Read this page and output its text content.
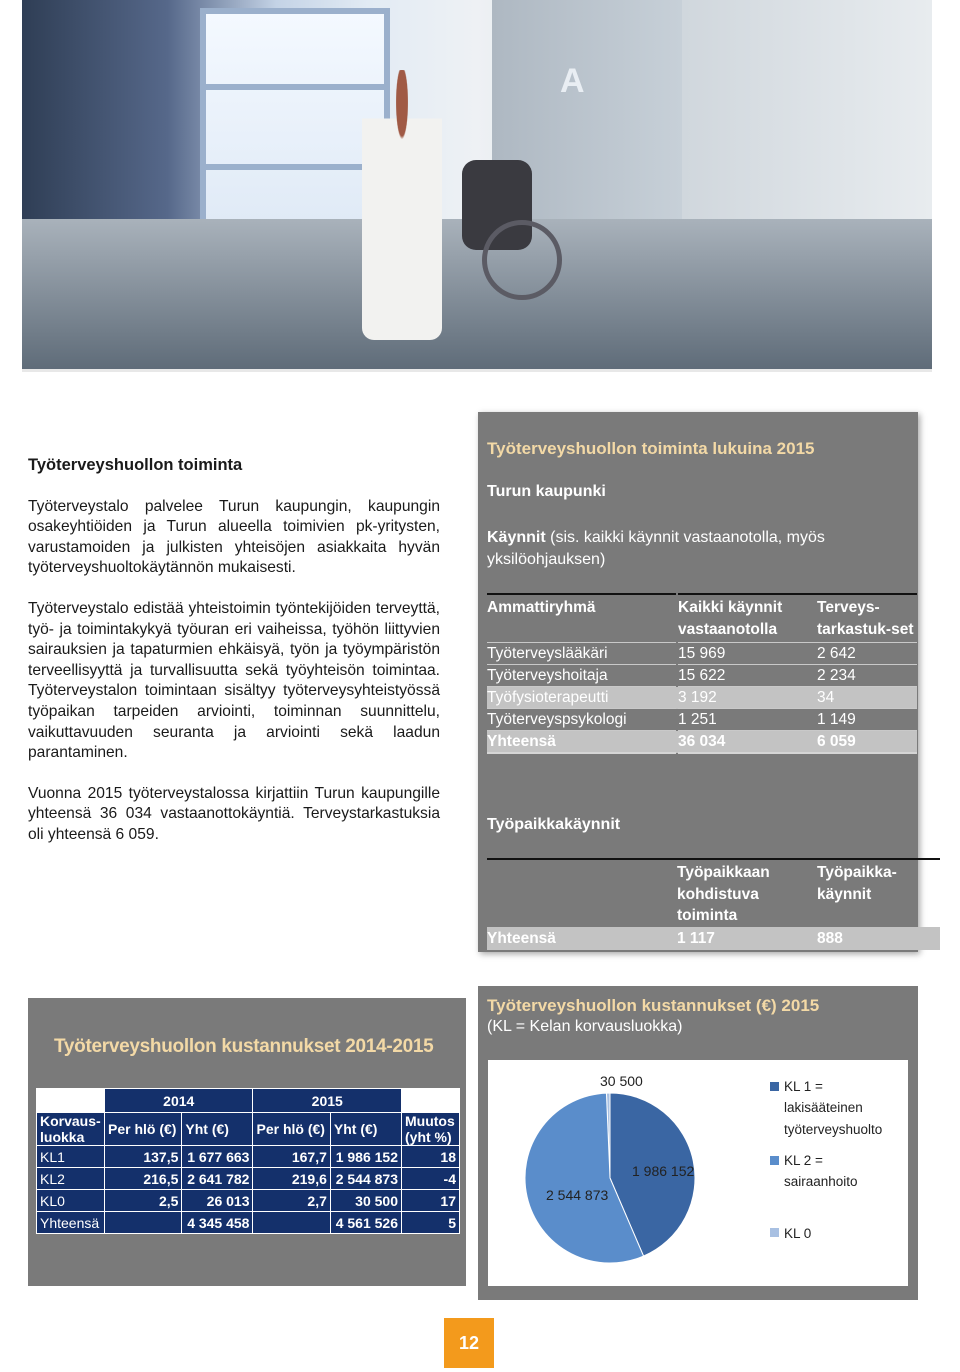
A
Työterveyshuollon toiminta

Työterveystalo palvelee Turun kaupungin, kaupungin osakeyhtiöiden ja Turun alueella toimivien pk-yritysten, varustamoiden ja julkisten yhteisöjen asiakkaita hyvän työterveyshuoltokäytännön mukaisesti.

Työterveystalo edistää yhteistoimin työntekijöiden terveyttä, työ- ja toimintakykyä työuran eri vaiheissa, työhön liittyvien sairauksien ja tapaturmien ehkäisyä, työn ja työympäristön terveellisyyttä ja turvallisuutta sekä työyhteisön toimintaa. Työterveystalon toimintaan sisältyy työterveysyhteistyössä työpaikan tarpeiden arviointi, toiminnan suunnittelu, vaikuttavuuden seuranta ja arviointi sekä laadun parantaminen.

Vuonna 2015 työterveystalossa kirjattiin Turun kaupungille yhteensä 36 034 vastaanottokäyntiä. Terveystarkastuksia oli yhteensä 6 059.

Työterveyshuollon toiminta lukuina 2015
Turun kaupunki
Käynnit (sis. kaikki käynnit vastaanotolla, myös yksilöohjauksen)
Ammattiryhmä	Kaikki käynnit vastaanotolla	Terveys-tarkastuk-set
Työterveyslääkäri	15 969	2 642
Työterveyshoitaja	15 622	2 234
Työfysioterapeutti	3 192	34
Työterveyspsykologi	1 251	1 149
Yhteensä	36 034	6 059
Työpaikkakäynnit
	Työpaikkaan kohdistuva toiminta	Työpaikka-käynnit
Yhteensä	1 117	888
Työterveyshuollon kustannukset 2014-2015
	2014		2015		
Korvaus-luokka	Per hlö (€)	Yht (€)	Per hlö (€)	Yht (€)	Muutos (yht %)
KL1	137,5	1 677 663	167,7	1 986 152	18
KL2	216,5	2 641 782	219,6	2 544 873	-4
KL0	2,5	26 013	2,7	30 500	17
Yhteensä		4 345 458		4 561 526	5
Työterveyshuollon kustannukset (€) 2015
(KL = Kelan korvausluokka)
30 500
1 986 152
2 544 873
KL 1 =
lakisääteinen
työterveyshuolto
KL 2 =
sairaanhoito
KL 0
12
